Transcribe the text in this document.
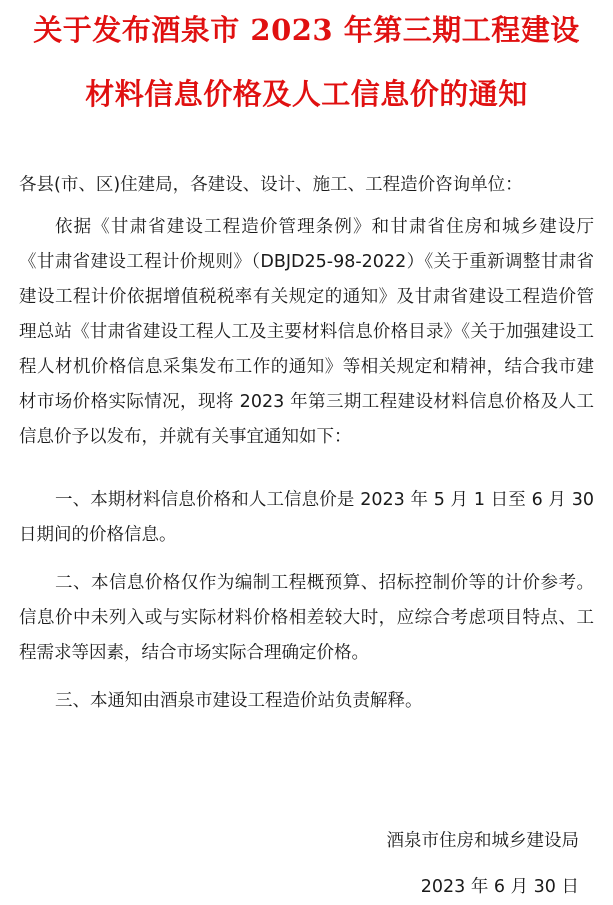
关于发布酒泉市 2023 年第三期工程建设
材料信息价格及人工信息价的通知
各县(市、区)住建局，各建设、设计、施工、工程造价咨询单位：
依据《甘肃省建设工程造价管理条例》和甘肃省住房和城乡建设厅《甘肃省建设工程计价规则》（DBJD25-98-2022）《关于重新调整甘肃省建设工程计价依据增值税税率有关规定的通知》及甘肃省建设工程造价管理总站《甘肃省建设工程人工及主要材料信息价格目录》《关于加强建设工程人材机价格信息采集发布工作的通知》等相关规定和精神，结合我市建材市场价格实际情况，现将 2023 年第三期工程建设材料信息价格及人工信息价予以发布，并就有关事宜通知如下：
一、本期材料信息价格和人工信息价是 2023 年 5 月 1 日至 6 月 30 日期间的价格信息。
二、本信息价格仅作为编制工程概预算、招标控制价等的计价参考。信息价中未列入或与实际材料价格相差较大时，应综合考虑项目特点、工程需求等因素，结合市场实际合理确定价格。
三、本通知由酒泉市建设工程造价站负责解释。
酒泉市住房和城乡建设局
2023 年 6 月 30 日
